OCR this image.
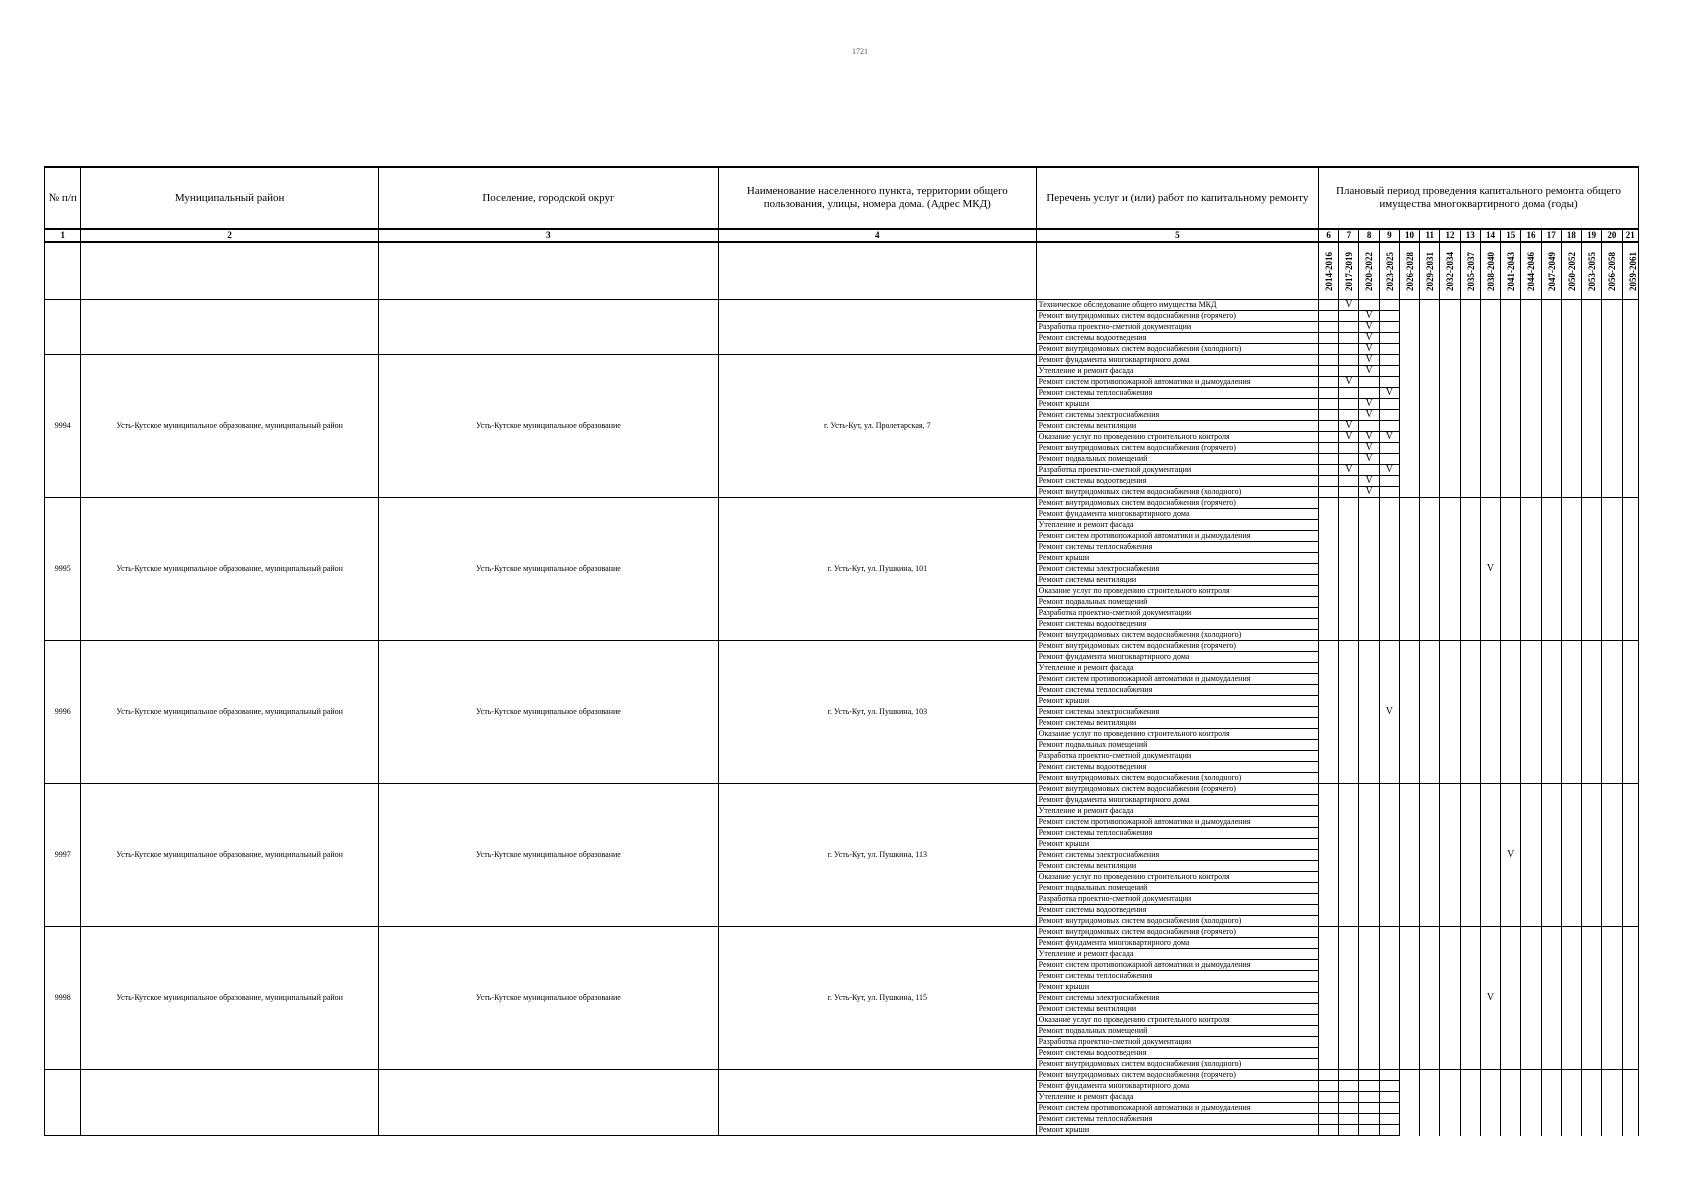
1721
№ п/п	Муниципальный район	Поселение, городской округ	Наименование населенного пункта, территории общего пользования, улицы, номера дома. (Адрес МКД)	Перечень услуг и (или) работ по капитальному ремонту	Плановый период проведения капитального ремонта общего имущества многоквартирного дома (годы)															
1	2	3	4	5	6	7	8	9	10	11	12	13	14	15	16	17	18	19	20	21

					2014-2016	2017-2019	2020-2022	2023-2025	2026-2028	2029-2031	2032-2034	2035-2037	2038-2040	2041-2043	2044-2046	2047-2049	2050-2052	2053-2055	2056-2058	2059-2061

				Техническое обследование общего имущества МКД		V														
				Ремонт внутридомовых систем водоснабжения (горячего)			V													
				Разработка проектно-сметной документации			V													
				Ремонт системы водоотведения			V													
				Ремонт внутридомовых систем водоснабжения (холодного)			V													
9994	Усть-Кутское муниципальное образование, муниципальный район	Усть-Кутское муниципальное образование	г. Усть-Кут, ул. Пролетарская, 7	Ремонт фундамента многоквартирного дома			V													
				Утепление и ремонт фасада			V													
				Ремонт систем противопожарной автоматики и дымоудаления		V														
				Ремонт системы теплоснабжения				V												
				Ремонт крыши			V													
				Ремонт системы электроснабжения			V													
				Ремонт системы вентиляции		V														
				Оказание услуг по проведению строительного контроля		V	V	V												
				Ремонт внутридомовых систем водоснабжения (горячего)			V													
				Ремонт подвальных помещений			V													
				Разработка проектно-сметной документации		V		V												
				Ремонт системы водоотведения			V													
				Ремонт внутридомовых систем водоснабжения (холодного)			V													
9995	Усть-Кутское муниципальное образование, муниципальный район	Усть-Кутское муниципальное образование	г. Усть-Кут, ул. Пушкина, 101	Ремонт внутридомовых систем водоснабжения (горячего)									V							
				Ремонт фундамента многоквартирного дома																
				Утепление и ремонт фасада																
				Ремонт систем противопожарной автоматики и дымоудаления																
				Ремонт системы теплоснабжения																
				Ремонт крыши																
				Ремонт системы электроснабжения																
				Ремонт системы вентиляции																
				Оказание услуг по проведению строительного контроля																
				Ремонт подвальных помещений																
				Разработка проектно-сметной документации																
				Ремонт системы водоотведения																
				Ремонт внутридомовых систем водоснабжения (холодного)																
9996	Усть-Кутское муниципальное образование, муниципальный район	Усть-Кутское муниципальное образование	г. Усть-Кут, ул. Пушкина, 103	Ремонт внутридомовых систем водоснабжения (горячего)				V												
				Ремонт фундамента многоквартирного дома																
				Утепление и ремонт фасада																
				Ремонт систем противопожарной автоматики и дымоудаления																
				Ремонт системы теплоснабжения																
				Ремонт крыши																
				Ремонт системы электроснабжения																
				Ремонт системы вентиляции																
				Оказание услуг по проведению строительного контроля																
				Ремонт подвальных помещений																
				Разработка проектно-сметной документации																
				Ремонт системы водоотведения																
				Ремонт внутридомовых систем водоснабжения (холодного)																
9997	Усть-Кутское муниципальное образование, муниципальный район	Усть-Кутское муниципальное образование	г. Усть-Кут, ул. Пушкина, 113	Ремонт внутридомовых систем водоснабжения (горячего)										V						
				Ремонт фундамента многоквартирного дома																
				Утепление и ремонт фасада																
				Ремонт систем противопожарной автоматики и дымоудаления																
				Ремонт системы теплоснабжения																
				Ремонт крыши																
				Ремонт системы электроснабжения																
				Ремонт системы вентиляции																
				Оказание услуг по проведению строительного контроля																
				Ремонт подвальных помещений																
				Разработка проектно-сметной документации																
				Ремонт системы водоотведения																
				Ремонт внутридомовых систем водоснабжения (холодного)																
9998	Усть-Кутское муниципальное образование, муниципальный район	Усть-Кутское муниципальное образование	г. Усть-Кут, ул. Пушкина, 115	Ремонт внутридомовых систем водоснабжения (горячего)									V							
				Ремонт фундамента многоквартирного дома																
				Утепление и ремонт фасада																
				Ремонт систем противопожарной автоматики и дымоудаления																
				Ремонт системы теплоснабжения																
				Ремонт крыши																
				Ремонт системы электроснабжения																
				Ремонт системы вентиляции																
				Оказание услуг по проведению строительного контроля																
				Ремонт подвальных помещений																
				Разработка проектно-сметной документации																
				Ремонт системы водоотведения																
				Ремонт внутридомовых систем водоснабжения (холодного)																
				Ремонт внутридомовых систем водоснабжения (горячего)																
				Ремонт фундамента многоквартирного дома																
				Утепление и ремонт фасада																
				Ремонт систем противопожарной автоматики и дымоудаления																
				Ремонт системы теплоснабжения																
				Ремонт крыши																
